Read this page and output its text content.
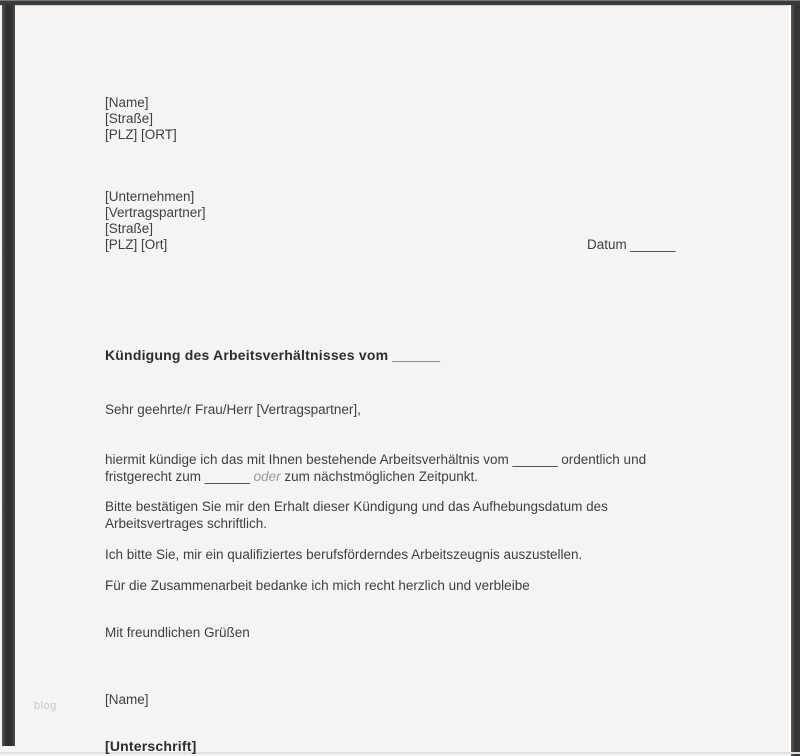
blog
[Name]
[Straße]
[PLZ] [ORT]
[Unternehmen]
[Vertragspartner]
[Straße]
[PLZ] [Ort]	Datum ______
Kündigung des Arbeitsverhältnisses vom ______
Sehr geehrte/r Frau/Herr [Vertragspartner],
hiermit kündige ich das mit Ihnen bestehende Arbeitsverhältnis vom ______ ordentlich und fristgerecht zum ______ oder zum nächstmöglichen Zeitpunkt.
Bitte bestätigen Sie mir den Erhalt dieser Kündigung und das Aufhebungsdatum des Arbeitsvertrages schriftlich.
Ich bitte Sie, mir ein qualifiziertes berufsförderndes Arbeitszeugnis auszustellen.
Für die Zusammenarbeit bedanke ich mich recht herzlich und verbleibe
Mit freundlichen Grüßen
[Name]
[Unterschrift]
